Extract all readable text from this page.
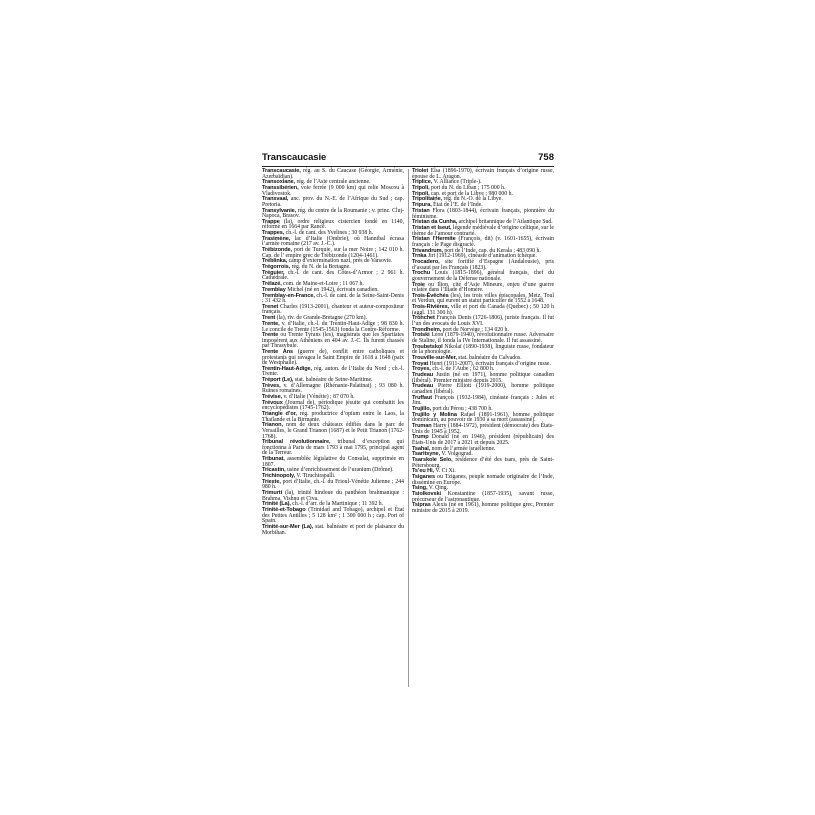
Transcaucasie	758
Transcaucasie, rég. au S. du Caucase (Géorgie, Arménie, Azerbaïdjan).
Transoxiane, rég. de l’Asie centrale ancienne.
Transsibérien, voie ferrée (9 000 km) qui relie Moscou à Vladivostok.
Transvaal, anc. prov. du N.-E. de l’Afrique du Sud ; cap. Pretoria.
Transylvanie, rég. du centre de la Roumanie ; v. princ. Cluj-Napoca, Brasov.
Trappe (la), ordre religieux cistercien fondé en 1140, réformé en 1664 par Rancé.
Trappes, ch.-l. de cant. des Yvelines ; 30 938 h.
Trasimène, lac d’Italie (Ombrie), où Hannibal écrasa l’armée romaine (217 av. J.-C.).
Trébizonde, port de Turquie, sur la mer Noire ; 142 010 h. Cap. de l’ empire grec de Trébizonde (1204-1461).
Treblinka, camp d’extermination nazi, près de Varsovie.
Trégorrois, rég. du N. de la Bretagne.
Tréguier, ch.-l. de cant. des Côtes-d’Armor ; 2 961 h. Cathédrale.
Trélazé, com. de Maine-et-Loire ; 11 067 h.
Tremblay Michel (né en 1942), écrivain canadien.
Tremblay-en-France, ch.-l. de cant. de la Seine-Saint-Denis ; 31 432 h.
Trenet Charles (1913-2001), chanteur et auteur-compositeur français.
Trent (la), riv. de Grande-Bretagne (270 km).
Trente, v. d’Italie, ch.-l. du Trentin-Haut-Adige ; 98 830 h. Le concile de Trente (1545-1563) fonda la Contre-Réforme.
Trente ou Trente Tyrans (les), magistrats que les Spartiates imposèrent aux Athéniens en 404 av. J.-C. Ils furent chassés par Thrasybule.
Trente Ans (guerre de), conflit entre catholiques et protestants qui ravagea le Saint Empire de 1618 à 1648 (paix de Westphalie).
Trentin-Haut-Adige, rég. auton. de l’Italie du Nord ; ch.-l. Trente.
Tréport (Le), stat. balnéaire de Seine-Maritime.
Trèves, v. d’Allemagne (Rhénanie-Palatinat) ; 93 080 h. Ruines romaines.
Trévise, v. d’Italie (Vénétie) ; 87 070 h.
Trévoux (Journal de), périodique jésuite qui combattit les encyclopédistes (1745-1762).
Triangle d’or, rég. productrice d’opium entre le Laos, la Thaïlande et la Birmanie.
Trianon, nom de deux châteaux édifiés dans le parc de Versailles, le Grand Trianon (1687) et le Petit Trianon (1762-1768).
Tribunal révolutionnaire, tribunal d’exception qui fonctionna à Paris de mars 1793 à mai 1795, principal agent de la Terreur.
Tribunat, assemblée législative du Consulat, supprimée en 1807.
Tricastin, usine d’enrichissement de l’uranium (Drôme).
Trichinopoly, V. Tiruchirapalli.
Trieste, port d’Italie, ch.-l. du Frioul-Vénétie Julienne ; 244 980 h.
Trimurti (la), trinité hindoue du panthéon brahmanique : Brahma, Vishnu et Civa.
Trinité (La), ch.-l. d’arr. de la Martinique ; 11 392 h.
Trinité-et-Tobago (Trinidad and Tobago), archipel et État des Petites Antilles ; 5 128 km² ; 1 300 000 h ; cap. Port of Spain.
Trinité-sur-Mer (La), stat. balnéaire et port de plaisance du Morbihan.
Triolet Elsa (1896-1970), écrivain français d’origine russe, épouse de L. Aragon.
Triplice, V. Alliance (Triple-).
Tripoli, port du N. du Liban ; 175 000 h.
Tripoli, cap. et port de la Libye ; 980 000 h.
Tripolitaine, rég. du N.-O. de la Libye.
Tripura, État de l’E. de l’Inde.
Tristan Flora (1803-1844), écrivain français, pionnière du féminisme.
Tristan da Cunha, archipel britannique de l’Atlantique Sud.
Tristan et Iseut, légende médiévale d’origine celtique, sur le thème de l’amour contrarié.
Tristan l’Hermite (François, dit) (v. 1601-1655), écrivain français : le Page disgracié.
Trivandrum, port de l’Inde, cap. du Kerala ; 483 090 h.
Trnka Jiri (1912-1969), cinéaste d’animation tchèque.
Trocadero, site fortifié d’Espagne (Andalousie), pris d’assaut par les Français (1823).
Trochu Louis (1815-1896), général français, chef du gouvernement de la Défense nationale.
Troie ou Ilion, cité d’Asie Mineure, enjeu d’une guerre relatée dans l’Iliade d’Homère.
Trois-Évêchés (les), les trois villes épiscopales, Metz, Toul et Verdun, qui eurent un statut particulier de 1552 à 1648.
Trois-Rivières, ville et port du Canada (Québec) ; 50 120 h (aggl. 131 300 h).
Tronchet François Denis (1726-1806), juriste français. Il fut l’un des avocats de Louis XVI.
Trondheim, port de Norvège ; 134 020 h.
Trotski Léon (1879-1940), révolutionnaire russe. Adversaire de Staline, il fonda la IVe Internationale. Il fut assassiné.
Troubetskoï Nikolaï (1890-1938), linguiste russe, fondateur de la phonologie.
Trouville-sur-Mer, stat. balnéaire du Calvados.
Troyat Henri (1911-2007), écrivain français d’origine russe.
Troyes, ch.-l. de l’Aube ; 62 800 h.
Trudeau Justin (né en 1971), homme politique canadien (libéral). Premier ministre depuis 2015.
Trudeau Pierre Elliott (1919-2000), homme politique canadien (libéral).
Truffaut François (1932-1984), cinéaste français : Jules et Jim.
Trujillo, port du Pérou ; 438 700 h.
Trujillo y Molina Rafael (1891-1961), homme politique dominicain, au pouvoir de 1930 à sa mort (assassiné).
Truman Harry (1884-1972), président (démocrate) des États-Unis de 1945 à 1952.
Trump Donald (né en 1946), président (républicain) des États-Unis de 2017 à 2021 et depuis 2025.
Tsahal, nom de l’armée israélienne.
Tsaritsyne, V. Volgograd.
Tsarskoïe Selo, résidence d’été des tsars, près de Saint-Pétersbourg.
Ts’eu Hi, V. Ci Xi.
Tsiganes ou Tziganes, peuple nomade originaire de l’Inde, disséminé en Europe.
Tsing, V. Qing.
Tsiolkovski Konstantine (1857-1935), savant russe, précurseur de l’astronautique.
Tsipras Alexis (né en 1961), homme politique grec, Premier ministre de 2015 à 2019.
